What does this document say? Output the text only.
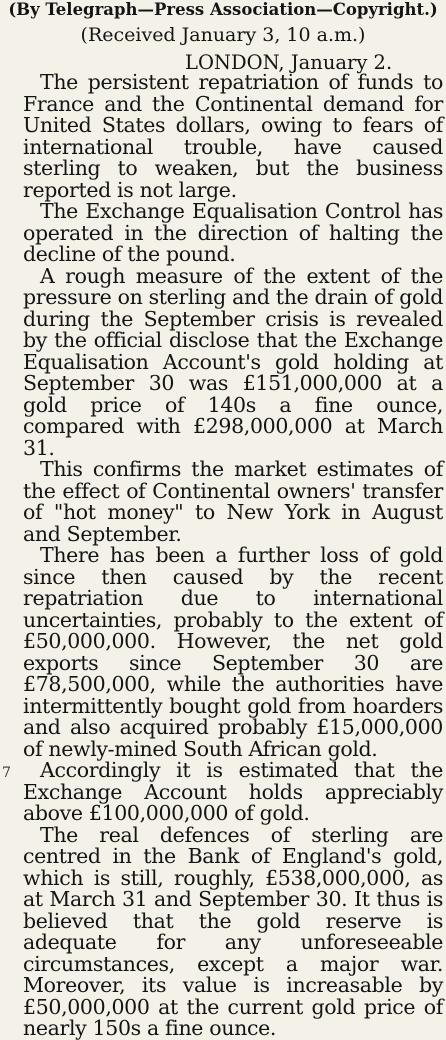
(By Telegraph—Press Association—Copyright.)
(Received January 3, 10 a.m.)
LONDON, January 2.

The persistent repatriation of funds to France and the Continental demand for United States dollars, owing to fears of international trouble, have caused sterling to weaken, but the business reported is not large.

The Exchange Equalisation Control has operated in the direction of halting the decline of the pound.

A rough measure of the extent of the pressure on sterling and the drain of gold during the September crisis is revealed by the official disclose that the Exchange Equalisation Account's gold holding at September 30 was £151,000,000 at a gold price of 140s a fine ounce, compared with £298,000,000 at March 31.

This confirms the market estimates of the effect of Continental owners' transfer of "hot money" to New York in August and September.

There has been a further loss of gold since then caused by the recent repatriation due to international uncertainties, probably to the extent of £50,000,000. However, the net gold exports since September 30 are £78,500,000, while the authorities have intermittently bought gold from hoarders and also acquired probably £15,000,000 of newly-mined South African gold.

Accordingly it is estimated that the Exchange Account holds appreciably above £100,000,000 of gold.

The real defences of sterling are centred in the Bank of England's gold, which is still, roughly, £538,000,000, as at March 31 and September 30. It thus is believed that the gold reserve is adequate for any unforeseeable circumstances, except a major war. Moreover, its value is increasable by £50,000,000 at the current gold price of nearly 150s a fine ounce.

7
